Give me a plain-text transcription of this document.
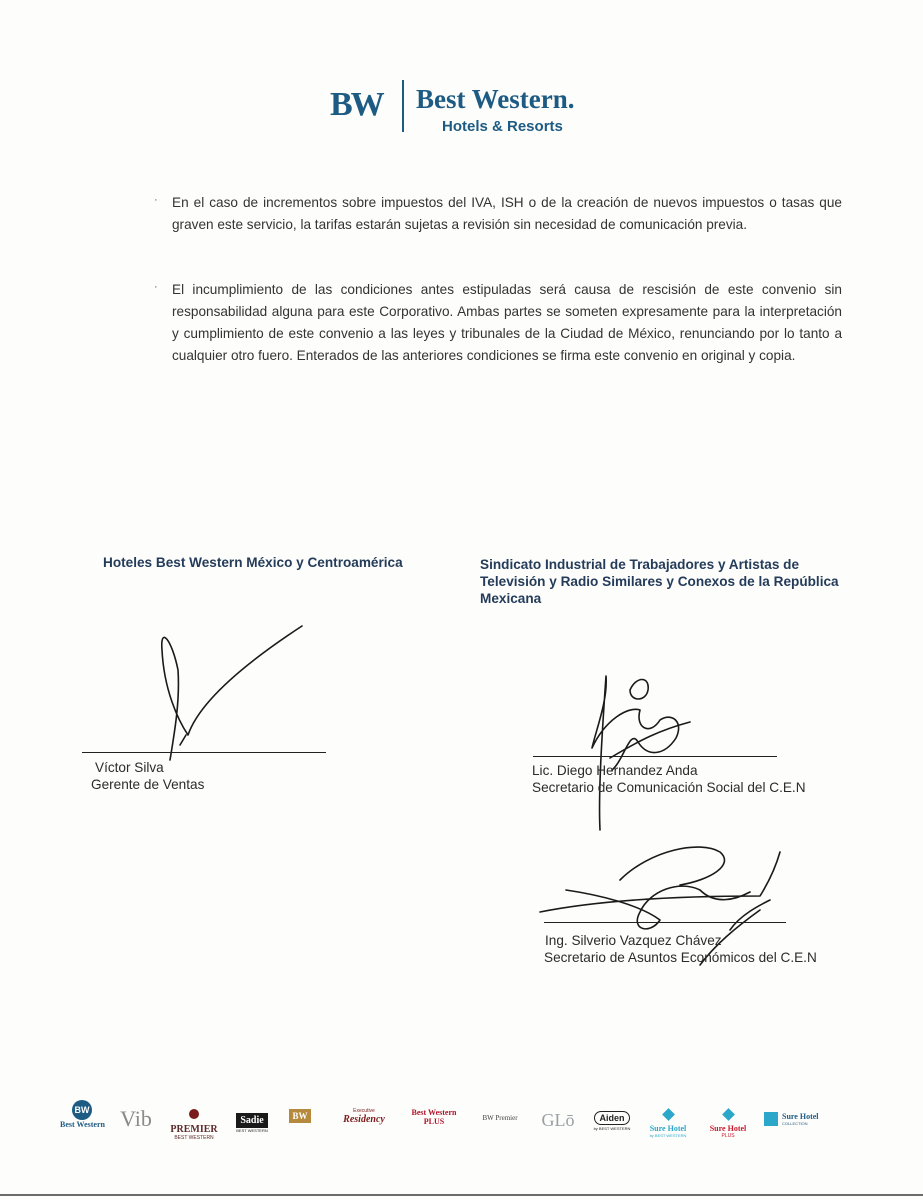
BW Best Western.
Hotels & Resorts
· En el caso de incrementos sobre impuestos del IVA, ISH o de la creación de nuevos impuestos o tasas que graven este servicio, la tarifas estarán sujetas a revisión sin necesidad de comunicación previa.

· El incumplimiento de las condiciones antes estipuladas será causa de rescisión de este convenio sin responsabilidad alguna para este Corporativo. Ambas partes se someten expresamente para la interpretación y cumplimiento de este convenio a las leyes y tribunales de la Ciudad de México, renunciando por lo tanto a cualquier otro fuero. Enterados de las anteriores condiciones se firma este convenio en original y copia.

Hoteles Best Western México y Centroamérica	Sindicato Industrial de Trabajadores y Artistas de Televisión y Radio Similares y Conexos de la República Mexicana
Víctor Silva
Gerente de Ventas
Lic. Diego Hernandez Anda
Secretario de Comunicación Social del C.E.N
Ing. Silverio Vazquez Chávez
Secretario de Asuntos Económicos del C.E.N
BW
Best Western Vib PREMIER
BEST WESTERN
Sadie
BEST WESTERN
BW	Executive
Residency
Best Western PLUS	BW Premier	GLō	Aiden
by BEST WESTERN	Sure Hotel
by BEST WESTERN
Sure Hotel
PLUS
Sure Hotel
COLLECTION
